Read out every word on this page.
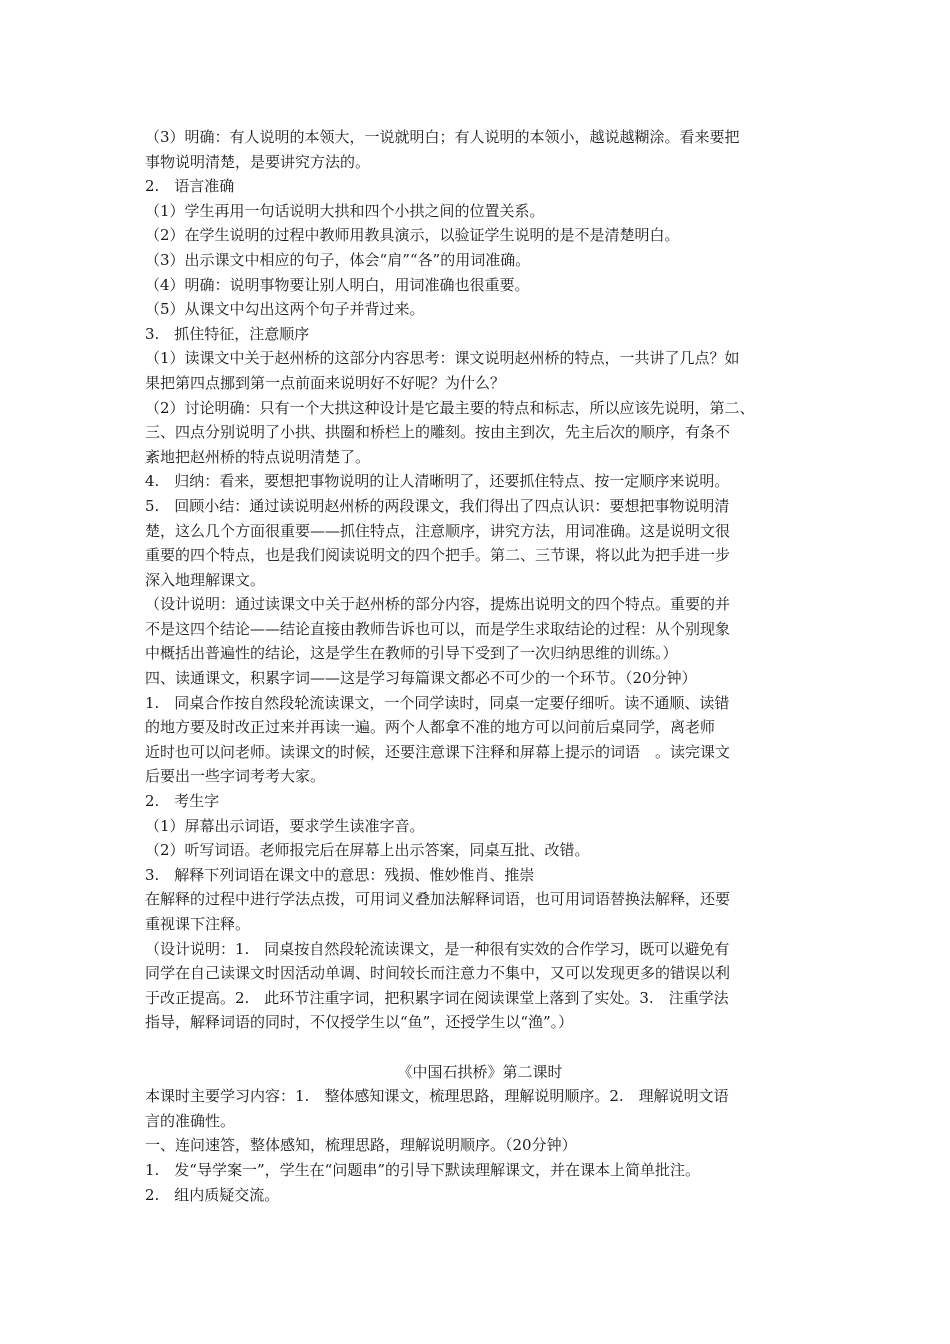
（3）明确：有人说明的本领大，一说就明白；有人说明的本领小，越说越糊涂。看来要把
事物说明清楚，是要讲究方法的。
2.　语言准确
（1）学生再用一句话说明大拱和四个小拱之间的位置关系。
（2）在学生说明的过程中教师用教具演示，以验证学生说明的是不是清楚明白。
（3）出示课文中相应的句子，体会“肩”“各”的用词准确。
（4）明确：说明事物要让别人明白，用词准确也很重要。
（5）从课文中勾出这两个句子并背过来。
3.　抓住特征，注意顺序
（1）读课文中关于赵州桥的这部分内容思考：课文说明赵州桥的特点，一共讲了几点？如
果把第四点挪到第一点前面来说明好不好呢？为什么？
（2）讨论明确：只有一个大拱这种设计是它最主要的特点和标志，所以应该先说明，第二、
三、四点分别说明了小拱、拱圈和桥栏上的雕刻。按由主到次，先主后次的顺序，有条不
紊地把赵州桥的特点说明清楚了。
4.　归纳：看来，要想把事物说明的让人清晰明了，还要抓住特点、按一定顺序来说明。
5.　回顾小结：通过读说明赵州桥的两段课文，我们得出了四点认识：要想把事物说明清
楚，这么几个方面很重要——抓住特点，注意顺序，讲究方法，用词准确。这是说明文很
重要的四个特点，也是我们阅读说明文的四个把手。第二、三节课，将以此为把手进一步
深入地理解课文。
（设计说明：通过读课文中关于赵州桥的部分内容，提炼出说明文的四个特点。重要的并
不是这四个结论——结论直接由教师告诉也可以，而是学生求取结论的过程：从个别现象
中概括出普遍性的结论，这是学生在教师的引导下受到了一次归纳思维的训练。）
四、读通课文，积累字词——这是学习每篇课文都必不可少的一个环节。（20分钟）
1.　同桌合作按自然段轮流读课文，一个同学读时，同桌一定要仔细听。读不通顺、读错
的地方要及时改正过来并再读一遍。两个人都拿不准的地方可以问前后桌同学，离老师
近时也可以问老师。读课文的时候，还要注意课下注释和屏幕上提示的词语　。读完课文
后要出一些字词考考大家。
2.　考生字
（1）屏幕出示词语，要求学生读准字音。
（2）听写词语。老师报完后在屏幕上出示答案，同桌互批、改错。
3.　解释下列词语在课文中的意思：残损、惟妙惟肖、推崇
在解释的过程中进行学法点拨，可用词义叠加法解释词语，也可用词语替换法解释，还要
重视课下注释。
（设计说明：1.　同桌按自然段轮流读课文，是一种很有实效的合作学习，既可以避免有
同学在自己读课文时因活动单调、时间较长而注意力不集中，又可以发现更多的错误以利
于改正提高。2.　此环节注重字词，把积累字词在阅读课堂上落到了实处。3.　注重学法
指导，解释词语的同时，不仅授学生以“鱼”，还授学生以“渔”。）
《中国石拱桥》第二课时
本课时主要学习内容：1.　整体感知课文，梳理思路，理解说明顺序。2.　理解说明文语
言的准确性。
一、连问速答，整体感知，梳理思路，理解说明顺序。（20分钟）
1.　发“导学案一”，学生在“问题串”的引导下默读理解课文，并在课本上简单批注。
2.　组内质疑交流。
